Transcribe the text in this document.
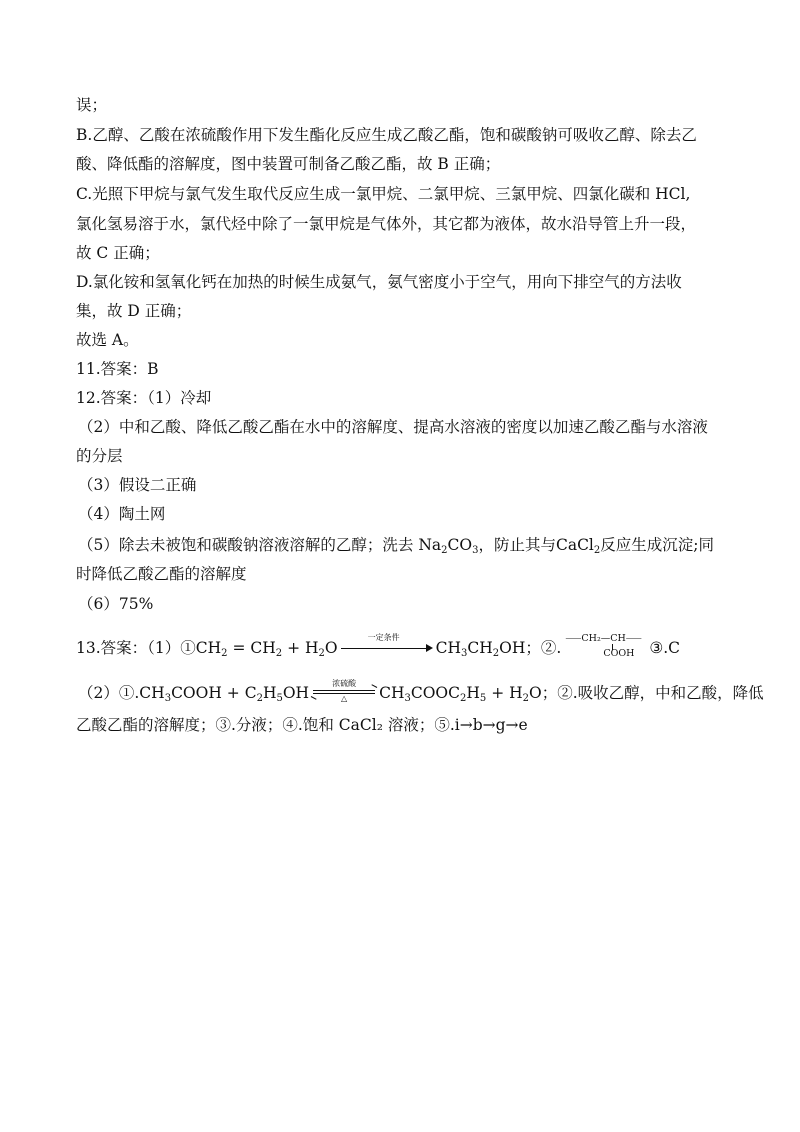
误；
B.乙醇、乙酸在浓硫酸作用下发生酯化反应生成乙酸乙酯，饱和碳酸钠可吸收乙醇、除去乙
酸、降低酯的溶解度，图中装置可制备乙酸乙酯，故 B 正确；
C.光照下甲烷与氯气发生取代反应生成一氯甲烷、二氯甲烷、三氯甲烷、四氯化碳和 HCl,
氯化氢易溶于水，氯代烃中除了一氯甲烷是气体外，其它都为液体，故水沿导管上升一段，
故 C 正确；
D.氯化铵和氢氧化钙在加热的时候生成氨气，氨气密度小于空气，用向下排空气的方法收
集，故 D 正确；
故选 A。
11.答案：B
12.答案：（1）冷却
（2）中和乙酸、降低乙酸乙酯在水中的溶解度、提高水溶液的密度以加速乙酸乙酯与水溶液
的分层
（3）假设二正确
（4）陶土网
（5）除去未被饱和碳酸钠溶液溶解的乙醇；洗去 $Na_2CO_3$，防止其与CaCl$_2$反应生成沉淀;同
时降低乙酸乙酯的溶解度
（6）75%
13.答案：$(1)①CH_2 = CH_2 + H_2O$
一定条件
$CH_3CH_2OH$；②.
⸺CH₂—CH⸺
COOH ③.C
$(2)①.CH_3COOH + C_2H_5OH$
浓硫酸
△	$CH_3COOC_2H_5 + H_2O$；②.吸收乙醇，中和乙酸，降低
乙酸乙酯的溶解度；③.分液；④.饱和 CaCl₂ 溶液；⑤.i→b→g→e
